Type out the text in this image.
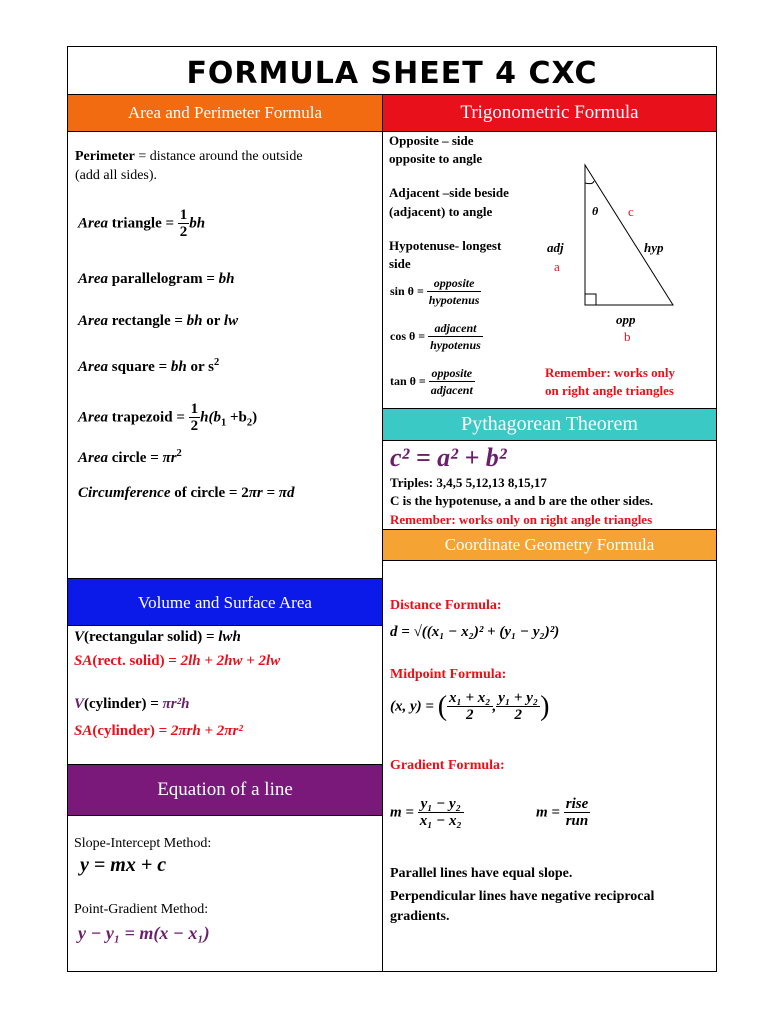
FORMULA SHEET 4 CXC
Area and Perimeter Formula
Perimeter = distance around the outside
(add all sides).
Area triangle = $\frac{1}{2}$ bh
Area parallelogram = bh
Area rectangle = bh or lw
Area square = bh or $s^2$
Area trapezoid = $\frac{1}{2} h(b_1 +b_2)$
Area circle = $\pi r^2$
Circumference of circle = 2πr = πd
Volume and Surface Area
V(rectangular solid) = lwh
SA(rect. solid) = 2lh + 2hw + 2lw
V(cylinder) = πr²h
SA(cylinder) = 2πrh + 2πr²
Equation of a line
Slope-Intercept Method:
y = mx + c
Point-Gradient Method:
y − y₁ = m(x − x₁)
Trigonometric Formula
Opposite – side
opposite to angle
Adjacent –side beside
(adjacent) to angle
Hypotenuse- longest
side
$\sin \theta = \frac{\text{opposite}}{\text{hypotenus}}$
$\cos \theta = \frac{\text{adjacent}}{\text{hypotenus}}$
$\tan \theta = \frac{\text{opposite}}{\text{adjacent}}$
θ c
adj
a
hyp
opp
b
Remember: works only
on right angle triangles
Pythagorean Theorem
c² = a² + b²
Triples: 3,4,5 5,12,13 8,15,17
C is the hypotenuse, a and b are the other sides.
Remember: works only on right angle triangles
Coordinate Geometry Formula
Distance Formula:
d = √((x₁ − x₂)² + (y₁ − y₂)²)
Midpoint Formula:
(x, y) = ( $\frac{\text{x₁ + x₂}}{2}$ , $\frac{\text{y₁ + y₂}}{2}$ )
Gradient Formula:
$m = \frac{\text{y₁ − y₂}}{\text{x₁ − x₂}}$	$m = \frac{\text{rise}}{\text{run}}$
Parallel lines have equal slope.
Perpendicular lines have negative reciprocal
gradients.
